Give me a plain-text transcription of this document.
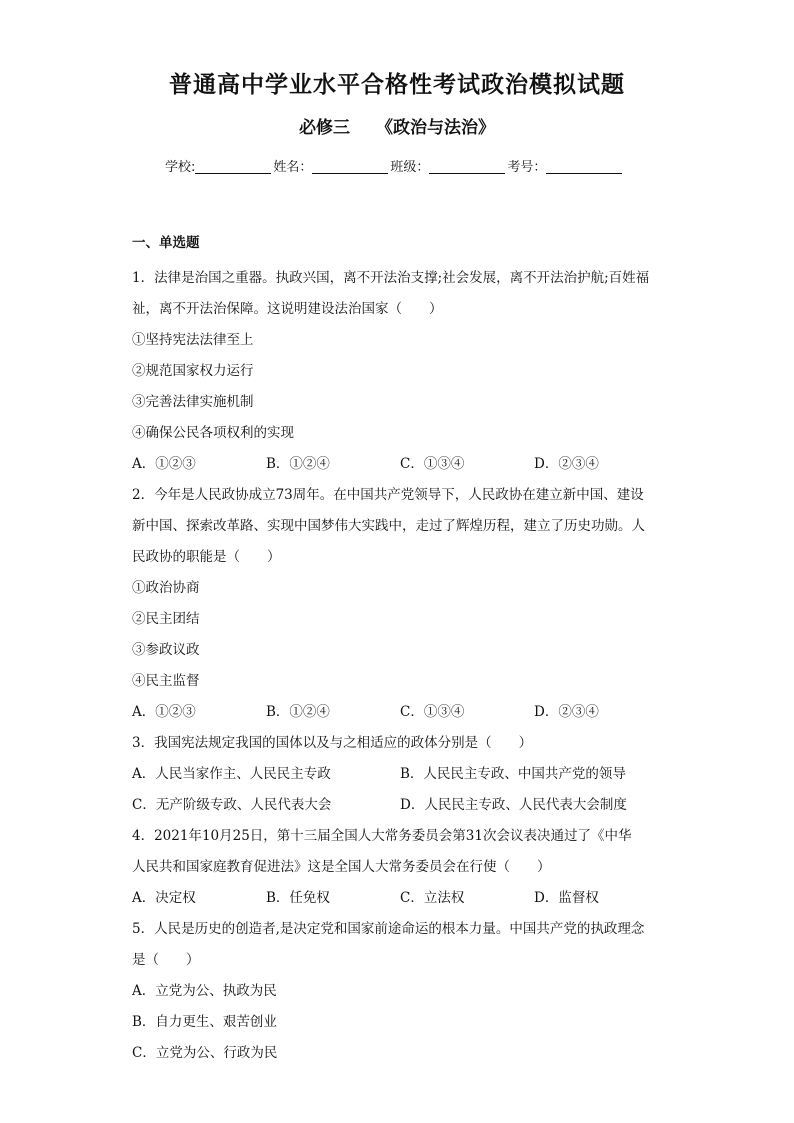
普通高中学业水平合格性考试政治模拟试题
必修三 《政治与法治》
学校:	姓名：	班级：	考号：
一、单选题
1．法律是治国之重器。执政兴国，离不开法治支撑;社会发展，离不开法治护航;百姓福
祉，离不开法治保障。这说明建设法治国家（　　）
①坚持宪法法律至上
②规范国家权力运行
③完善法律实施机制
④确保公民各项权利的实现
A．①②③	B．①②④	C．①③④	D．②③④
2．今年是人民政协成立73周年。在中国共产党领导下，人民政协在建立新中国、建设
新中国、探索改革路、实现中国梦伟大实践中，走过了辉煌历程，建立了历史功勋。人
民政协的职能是（　　）
①政治协商
②民主团结
③参政议政
④民主监督
A．①②③	B．①②④	C．①③④	D．②③④
3．我国宪法规定我国的国体以及与之相适应的政体分别是（　　）
A．人民当家作主、人民民主专政	B．人民民主专政、中国共产党的领导
C．无产阶级专政、人民代表大会	D．人民民主专政、人民代表大会制度
4．2021年10月25日，第十三届全国人大常务委员会第31次会议表决通过了《中华
人民共和国家庭教育促进法》这是全国人大常务委员会在行使（　　）
A．决定权	B．任免权	C．立法权	D．监督权
5．人民是历史的创造者,是决定党和国家前途命运的根本力量。中国共产党的执政理念
是（　　）
A．立党为公、执政为民
B．自力更生、艰苦创业
C．立党为公、行政为民
